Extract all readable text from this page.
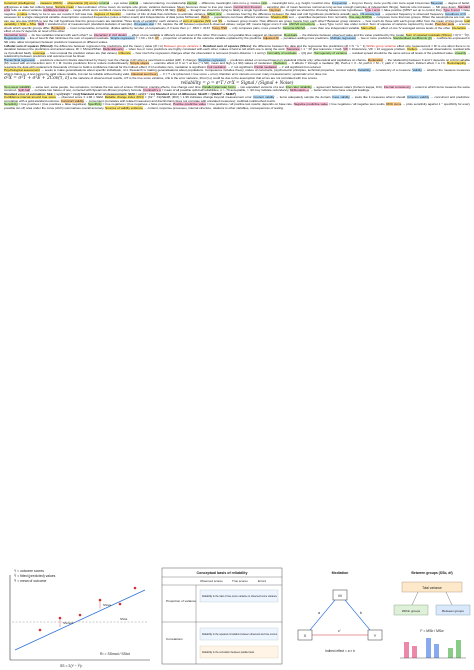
Construct (intelligence) → measure (WAIS) → observation (IQ score) nominal → eye colour ordinal → natural ordering, no relationship interval → difference meaningful, ratio not e.g. Celsius ratio → meaningful zero, e.g. height / reaction time. Frequentist → long run theory, more you flip coin more equal it becomes Bayesian → degree of belief, willingness to take bet reflects belief. Sample mean = best estimator of true mean. As sample size grows, variance decreases. Mean becomes closer to true pop mean. Central limit theorem → sampling dist. of mean becomes normal as long as few enough (samples of independent things). Sample size increases → SD goes down. Standard error tells us about variance confidence interval → range which we're confident covers the mean (probability of 95%(1.96 SE)). Fisher → thought we should be trying to falsify a single hypothesis. Neyman → thought we should be choosing between two hypotheses. Type I error = false positive (NHST set up to control this). Type II error = false negative. p-value is likely to be to see our results if null was true. degrees of freedom → number of bits of data that contribute to estimate variance. Effect size → measures how big the difference between the data and null hypothesis predictions actually were. chi-square test → expected frequency is observed frequency. Goodness of fit → assesses for a single categorical variable. Assumptions: expected frequencies (solve w fisher exact) and independence of data (solve McNamar). Welch → populations can have different variances. Shapiro-Wilk test → quantifies departures from normality. One-way ANOVA → compares more than two groups. When the assumptions are met, we can use one-way ANOVA to test the null hypothesis that the group means are identical. Three kinds of variability: each variance of sum of squares (SS) and SS → between group means. How different are group means from each other? Between group variance → how much do those with each group differ from the mean of that group. total variability = SSb + SSw. SEM = standard error of measurement (standard deviation of sample). chi-square stat = X2, capture the diff between expected & observed values. Larger diff, means bigger one's F stat. ANOVA corrections → keep Type I error rate under control. Sum of squares of variance captured by model. Post-hoc tests → a test to check which specific groups differ. Bonferroni → most conservative correction, divides alpha by number of comparisons, if 3 tests then p < .05/3 = .0167. Tukey HSD → only compares pairs; more powerful. Factorial ANOVA → more than one independent variable. Main effect → effect of one IV averaged across levels of the other. Interaction → effect of one IV depends on level of the other.

Interaction terms → do two variables interact with each other? i.e. interaction in 2x2 design → effect of one variable is different at each level of the other. Plot means; non-parallel lines suggest an interaction. Residuals → the distance between observed value and the value predicted by the model. Sum of squared residuals (SSres) = Σ(Yi − Ŷi)². Regression line → line of best fit that minimises the sum of squared residuals. Simple regression Ŷ = b0 + b1X. R² → proportion of variance in the outcome variable explained by the predictor. Adjusted R² → penalises adding more predictors. Multiple regression → two or more predictors. Standardised coefficients (β) → coefficients expressed in SD units, allow comparison between predictors measured on different scales.

1.Model sum of squares (SSmod): the difference between regression line predictions and the mean y value (df = k) Between groups variance 2. Residual sum of squares (SSres): the difference between the data and the regression line predictions (df = N − k − 1) Within group variance effect size measurement = R² is one when there is no deviation between the predictions and actual values. R² = SSmod/SStot. Multicollinearity → when two or more predictors are highly correlated with each other, makes it hard to tell which one is doing the work. Tolerance = 1 − R² (low tolerance = bad). VIF = 1/tolerance, VIF > 10 suggests problem. Outliers → unusual observations; residual tells us if predicted badly. Leverage → how unusual the predictor values are (hat values). Influence → how much the regression changes when the observation is removed (Cook's distance > 1 worry). Normality of residuals → QQ plot. Homogeneity of variance → residual spread should be the same across all levels of the predicted value. Linearity → relationship between predictors and outcome must be linear.

Hierarchical regression → predictors entered in blocks determined by theory; test the change in R² when a new block is added (ΔR², F change). Stepwise regression → predictors added or removed based on statistical criteria only; atheoretical and capitalises on chance. Moderation → the relationship between X and Y depends on a third variable (M); tested with an interaction term X × M. Centre predictors first to reduce multicollinearity. Simple slopes → examine effect of X on Y at low (−1 SD), mean and high (+1 SD) values of moderator. Mediation → X affects Y through a mediator (M). Path a = X→M, path b = M→Y, path c′ = direct effect. Indirect effect = a × b. Bootstrapping → resample the data with replacement thousands of times to build a confidence interval for the indirect effect; if CI excludes zero, mediation is significant. Full mediation → c′ not significant. Partial mediation → c′ still significant but reduced.

Psychological assessment → seeks to make generalisations about specific individuals, n=1. Research is making generalisations about populations. Competence includes theory, nature of constructs, psychometric principles, technical properties, context validity. Reliability → consistency of a measure. Validity → whether the measure measures what it claims to. A test cannot be valid unless reliable, but can be reliable without being valid. Classical test theory → X = T + E (observed = true score + error). Random error cancels out over many measurements; systematic error does not.

σ²X = σ²T + σ²E + 2Cov(τ, ε) is the variance of observed test results, σ²T is the true score variance, σ²E is the error variance, 2Cov(τ,ε) could be due to the assumption that errors are not correlated with true scores.

reliability = ρ = σ²T / σ²X = Signal / (Signal + Noise)

Test-retest reliability → same test, same people, two occasions; correlate the two sets of scores. Problems: practice effects, true change over time. Parallel (alternate) forms → two equivalent versions of a test. Inter-rater reliability → agreement between raters (Cohen's kappa, ICC). Internal consistency → extent to which items measure the same construct. Split-half → correlate two halves of test, corrected with Spearman–Brown prophecy formula. Cronbach's α = mean of all possible split-half reliabilities; α > .70 acceptable, > .90 may indicate redundancy. McDonald's ω → better when items have unequal loadings.

Standard error of estimation: SEE = sy√(rxx(1 − rxx)) Standard error of measurement: SEM = sx√(1 − rxx) Standard error of difference: SEdiff = √(SEM1² + SEM2²)

Confidence interval around true score → observed score ± 1.96 × SEM. Reliable change index (RCI) = (X2 − X1)/SEdiff; |RCI| > 1.96 indicates change beyond measurement error. Content validity → items adequately sample the domain. Face validity → looks like it measures what it should. Criterion validity → concurrent and predictive; correlation with a gold-standard outcome. Construct validity → convergent (correlates with related measures) and discriminant (does not correlate with unrelated measures); multitrait-multimethod matrix.

Sensitivity = true positives / (true positives + false negatives). Specificity = true negatives / (true negatives + false positives). Positive predictive value = true positives / all positive test results; depends on base rate. Negative predictive value = true negatives / all negative test results. ROC curve → plots sensitivity against 1 − specificity for every possible cut-off; area under the curve (AUC) summarises overall accuracy. Sources of validity evidence → content, response processes, internal structure, relations to other variables, consequences of testing.

Y = outcome scores
Ŷ = fitted (predicted) values
Ȳ = mean of outcome
SS = Σ(Y − Ŷ)²
SSres
SSmod
SStot
R² = SSmod / SStot
Conceptual basis of reliability
Observed scores	True scores	Errors
Proportion of variance
Correlations
Reliability is the ratio of true score variance to observed score variance
Reliability is the squared correlation between observed and true scores
Reliability is the correlation between parallel tests
Mediation
X
M
Y
a	b
c′
Indirect effect = a × b
Between groups (SSb, df)
Total variance
Within groups	Between groups
F = MSb / MSw
